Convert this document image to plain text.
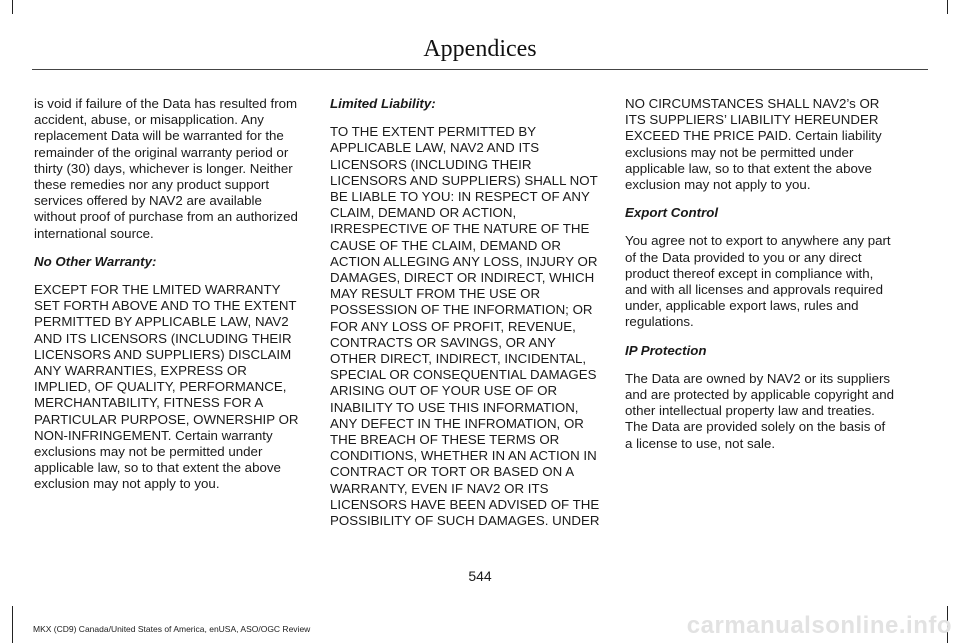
Appendices

is void if failure of the Data has resulted from accident, abuse, or misapplication. Any replacement Data will be warranted for the remainder of the original warranty period or thirty (30) days, whichever is longer. Neither these remedies nor any product support services offered by NAV2 are available without proof of purchase from an authorized international source.

No Other Warranty:

EXCEPT FOR THE LMITED WARRANTY SET FORTH ABOVE AND TO THE EXTENT PERMITTED BY APPLICABLE LAW, NAV2 AND ITS LICENSORS (INCLUDING THEIR LICENSORS AND SUPPLIERS) DISCLAIM ANY WARRANTIES, EXPRESS OR IMPLIED, OF QUALITY, PERFORMANCE, MERCHANTABILITY, FITNESS FOR A PARTICULAR PURPOSE, OWNERSHIP OR NON-INFRINGEMENT. Certain warranty exclusions may not be permitted under applicable law, so to that extent the above exclusion may not apply to you.

Limited Liability:

TO THE EXTENT PERMITTED BY APPLICABLE LAW, NAV2 AND ITS LICENSORS (INCLUDING THEIR LICENSORS AND SUPPLIERS) SHALL NOT BE LIABLE TO YOU: IN RESPECT OF ANY CLAIM, DEMAND OR ACTION, IRRESPECTIVE OF THE NATURE OF THE CAUSE OF THE CLAIM, DEMAND OR ACTION ALLEGING ANY LOSS, INJURY OR DAMAGES, DIRECT OR INDIRECT, WHICH MAY RESULT FROM THE USE OR POSSESSION OF THE INFORMATION; OR FOR ANY LOSS OF PROFIT, REVENUE, CONTRACTS OR SAVINGS, OR ANY OTHER DIRECT, INDIRECT, INCIDENTAL, SPECIAL OR CONSEQUENTIAL DAMAGES ARISING OUT OF YOUR USE OF OR INABILITY TO USE THIS INFORMATION, ANY DEFECT IN THE INFROMATION, OR THE BREACH OF THESE TERMS OR CONDITIONS, WHETHER IN AN ACTION IN CONTRACT OR TORT OR BASED ON A WARRANTY, EVEN IF NAV2 OR ITS LICENSORS HAVE BEEN ADVISED OF THE POSSIBILITY OF SUCH DAMAGES. UNDER

NO CIRCUMSTANCES SHALL NAV2’s OR ITS SUPPLIERS’ LIABILITY HEREUNDER EXCEED THE PRICE PAID. Certain liability exclusions may not be permitted under applicable law, so to that extent the above exclusion may not apply to you.

Export Control

You agree not to export to anywhere any part of the Data provided to you or any direct product thereof except in compliance with, and with all licenses and approvals required under, applicable export laws, rules and regulations.

IP Protection

The Data are owned by NAV2 or its suppliers and are protected by applicable copyright and other intellectual property law and treaties. The Data are provided solely on the basis of a license to use, not sale.

544
MKX (CD9) Canada/United States of America, enUSA, ASO/OGC Review	carmanualsonline.info
